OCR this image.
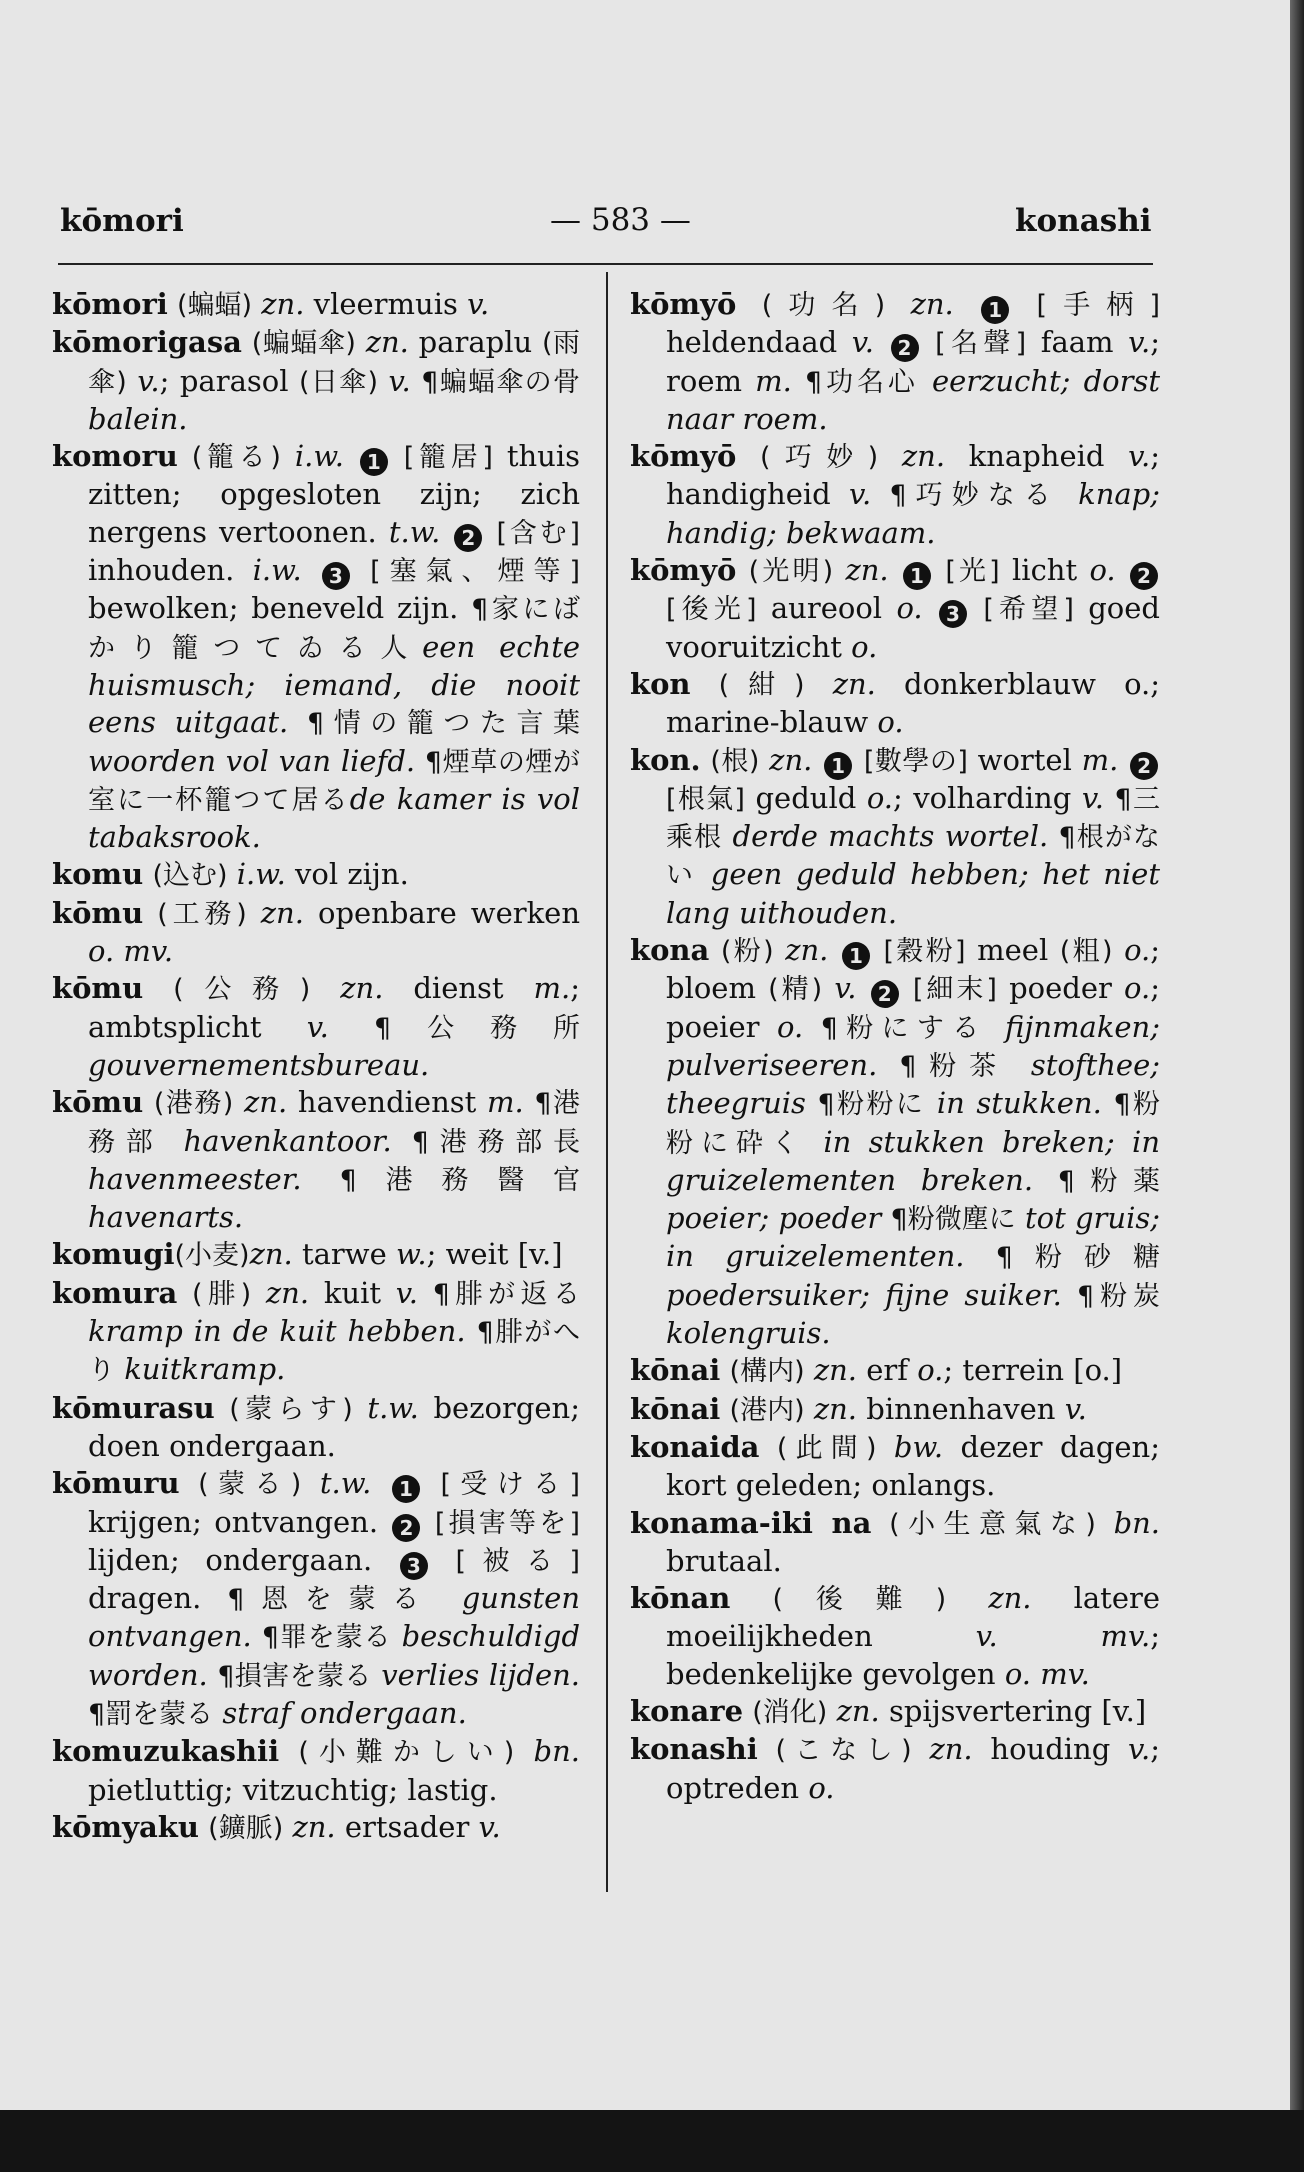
kōmori	— 583 —	konashi

kōmori (蝙蝠) zn. vleermuis v.

kōmorigasa (蝙蝠傘) zn. paraplu (雨傘) v.; parasol (日傘) v. ¶蝙蝠傘の骨 balein.

komoru (籠る) i.w. 1 [籠居] thuis zitten; opgesloten zijn; zich nergens vertoonen. t.w. 2 [含む] inhouden. i.w. 3 [塞氣、煙等] bewolken; beneveld zijn. ¶家にばかり籠つてゐる人een echte huismusch; iemand, die nooit eens uitgaat. ¶情の籠つた言葉 woorden vol van liefd. ¶煙草の煙が室に一杯籠つて居るde kamer is vol tabaksrook.

komu (込む) i.w. vol zijn.

kōmu (工務) zn. openbare werken o. mv.

kōmu (公務) zn. dienst m.; ambtsplicht v. ¶公務所 gouvernementsbureau.

kōmu (港務) zn. havendienst m. ¶港務部 havenkantoor. ¶港務部長 havenmeester. ¶港務醫官 havenarts.

komugi(小麦)zn. tarwe w.; weit [v.]

komura (腓) zn. kuit v. ¶腓が返る kramp in de kuit hebben. ¶腓がへり kuitkramp.

kōmurasu (蒙らす) t.w. bezorgen; doen ondergaan.

kōmuru (蒙る) t.w. 1 [受ける] krijgen; ontvangen. 2 [損害等を] lijden; ondergaan. 3 [被る] dragen. ¶恩を蒙る gunsten ontvangen. ¶罪を蒙る beschuldigd worden. ¶損害を蒙る verlies lijden. ¶罰を蒙る straf ondergaan.

komuzukashii (小難かしい) bn. pietluttig; vitzuchtig; lastig.

kōmyaku (鑛脈) zn. ertsader v.

kōmyō (功名) zn. 1 [手柄] heldendaad v. 2 [名聲] faam v.; roem m. ¶功名心 eerzucht; dorst naar roem.

kōmyō (巧妙) zn. knapheid v.; handigheid v. ¶巧妙なる knap; handig; bekwaam.

kōmyō (光明) zn. 1 [光] licht o. 2 [後光] aureool o. 3 [希望] goed vooruitzicht o.

kon (紺) zn. donkerblauw o.; marine-blauw o.

kon. (根) zn. 1 [數學の] wortel m. 2 [根氣] geduld o.; volharding v. ¶三乘根 derde machts wortel. ¶根がない geen geduld hebben; het niet lang uithouden.

kona (粉) zn. 1 [穀粉] meel (粗) o.; bloem (精) v. 2 [細末] poeder o.; poeier o. ¶粉にする fijnmaken; pulveriseeren. ¶粉茶 stofthee; theegruis ¶粉粉に in stukken. ¶粉粉に砕く in stukken breken; in gruizelementen breken. ¶粉薬 poeier; poeder ¶粉微塵に tot gruis; in gruizelementen. ¶粉砂糖 poedersuiker; fijne suiker. ¶粉炭 kolengruis.

kōnai (構内) zn. erf o.; terrein [o.]

kōnai (港内) zn. binnenhaven v.

konaida (此間) bw. dezer dagen; kort geleden; onlangs.

konama-iki na (小生意氣な) bn. brutaal.

kōnan (後難) zn. latere moeilijkheden v. mv.; bedenkelijke gevolgen o. mv.

konare (消化) zn. spijsvertering [v.]

konashi (こなし) zn. houding v.; optreden o.
